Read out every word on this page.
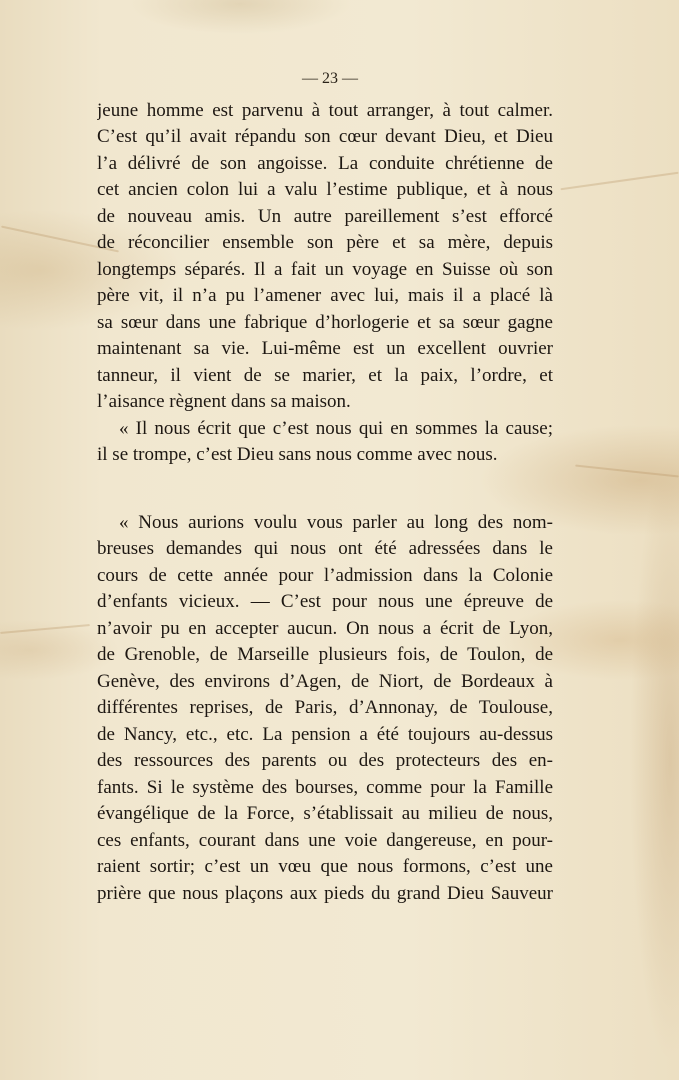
— 23 —
jeune homme est parvenu à tout arranger, à tout calmer.
C’est qu’il avait répandu son cœur devant Dieu, et Dieu
l’a délivré de son angoisse. La conduite chrétienne de
cet ancien colon lui a valu l’estime publique, et à nous
de nouveau amis. Un autre pareillement s’est efforcé
de réconcilier ensemble son père et sa mère, depuis
longtemps séparés. Il a fait un voyage en Suisse où son
père vit, il n’a pu l’amener avec lui, mais il a placé là
sa sœur dans une fabrique d’horlogerie et sa sœur gagne
maintenant sa vie. Lui-même est un excellent ouvrier
tanneur, il vient de se marier, et la paix, l’ordre, et
l’aisance règnent dans sa maison.
« Il nous écrit que c’est nous qui en sommes la cause;
il se trompe, c’est Dieu sans nous comme avec nous.
« Nous aurions voulu vous parler au long des nom-
breuses demandes qui nous ont été adressées dans le
cours de cette année pour l’admission dans la Colonie
d’enfants vicieux. — C’est pour nous une épreuve de
n’avoir pu en accepter aucun. On nous a écrit de Lyon,
de Grenoble, de Marseille plusieurs fois, de Toulon, de
Genève, des environs d’Agen, de Niort, de Bordeaux à
différentes reprises, de Paris, d’Annonay, de Toulouse,
de Nancy, etc., etc. La pension a été toujours au-dessus
des ressources des parents ou des protecteurs des en-
fants. Si le système des bourses, comme pour la Famille
évangélique de la Force, s’établissait au milieu de nous,
ces enfants, courant dans une voie dangereuse, en pour-
raient sortir; c’est un vœu que nous formons, c’est une
prière que nous plaçons aux pieds du grand Dieu Sauveur
